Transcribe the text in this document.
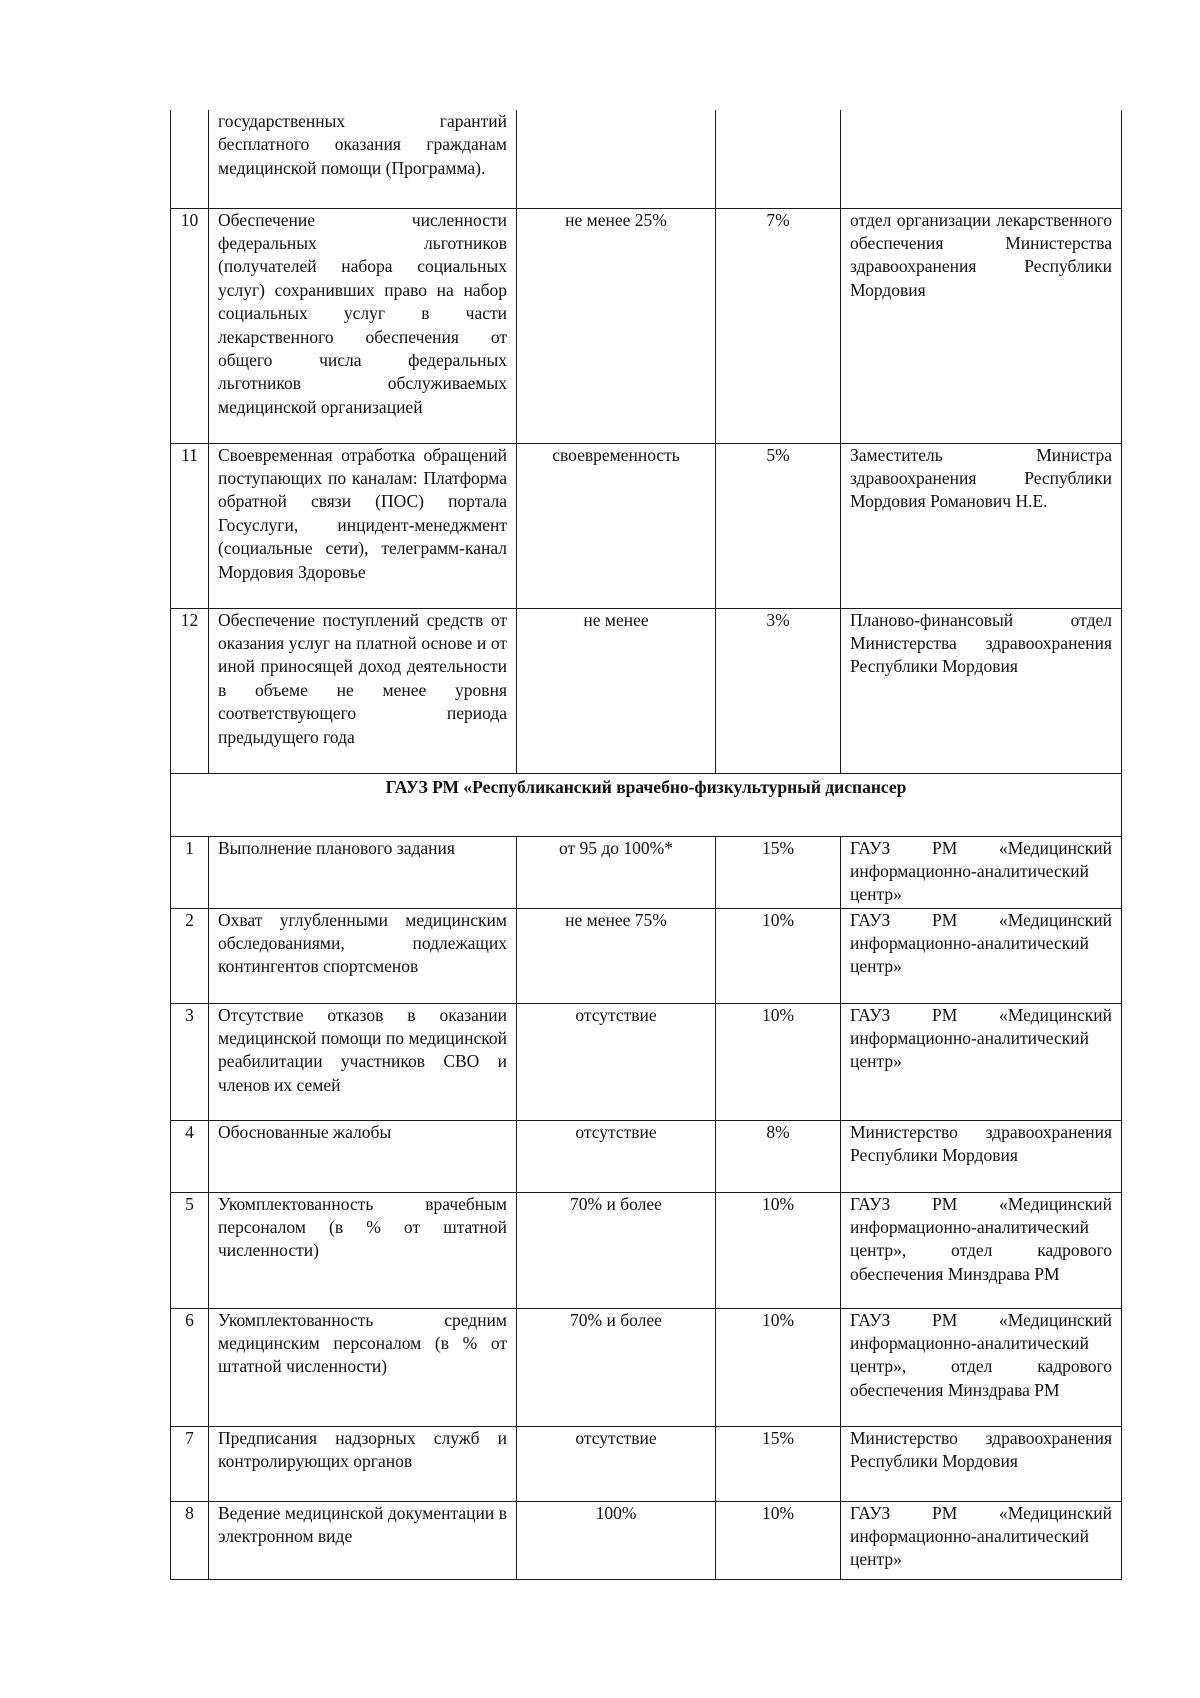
	государственных гарантий бесплатного оказания гражданам медицинской помощи (Программа).			
10	Обеспечение численности федеральных льготников (получателей набора социальных услуг) сохранивших право на набор социальных услуг в части лекарственного обеспечения от общего числа федеральных льготников обслуживаемых медицинской организацией	не менее 25%	7%	отдел организации лекарственного обеспечения Министерства здравоохранения Республики Мордовия
11	Своевременная отработка обращений поступающих по каналам: Платформа обратной связи (ПОС) портала Госуслуги, инцидент-менеджмент (социальные сети), телеграмм-канал Мордовия Здоровье	своевременность	5%	Заместитель Министра здравоохранения Республики Мордовия Романович Н.Е.
12	Обеспечение поступлений средств от оказания услуг на платной основе и от иной приносящей доход деятельности в объеме не менее уровня соответствующего периода предыдущего года	не менее	3%	Планово-финансовый отдел Министерства здравоохранения Республики Мордовия
ГАУЗ РМ «Республиканский врачебно-физкультурный диспансер				
1	Выполнение планового задания	от 95 до 100%*	15%	ГАУЗ РМ «Медицинский информационно-аналитический центр»
2	Охват углубленными медицинским обследованиями, подлежащих контингентов спортсменов	не менее 75%	10%	ГАУЗ РМ «Медицинский информационно-аналитический центр»
3	Отсутствие отказов в оказании медицинской помощи по медицинской реабилитации участников СВО и членов их семей	отсутствие	10%	ГАУЗ РМ «Медицинский информационно-аналитический центр»
4	Обоснованные жалобы	отсутствие	8%	Министерство здравоохранения Республики Мордовия
5	Укомплектованность врачебным персоналом (в % от штатной численности)	70% и более	10%	ГАУЗ РМ «Медицинский информационно-аналитический центр», отдел кадрового обеспечения Минздрава РМ
6	Укомплектованность средним медицинским персоналом (в % от штатной численности)	70% и более	10%	ГАУЗ РМ «Медицинский информационно-аналитический центр», отдел кадрового обеспечения Минздрава РМ
7	Предписания надзорных служб и контролирующих органов	отсутствие	15%	Министерство здравоохранения Республики Мордовия
8	Ведение медицинской документации в электронном виде	100%	10%	ГАУЗ РМ «Медицинский информационно-аналитический центр»
